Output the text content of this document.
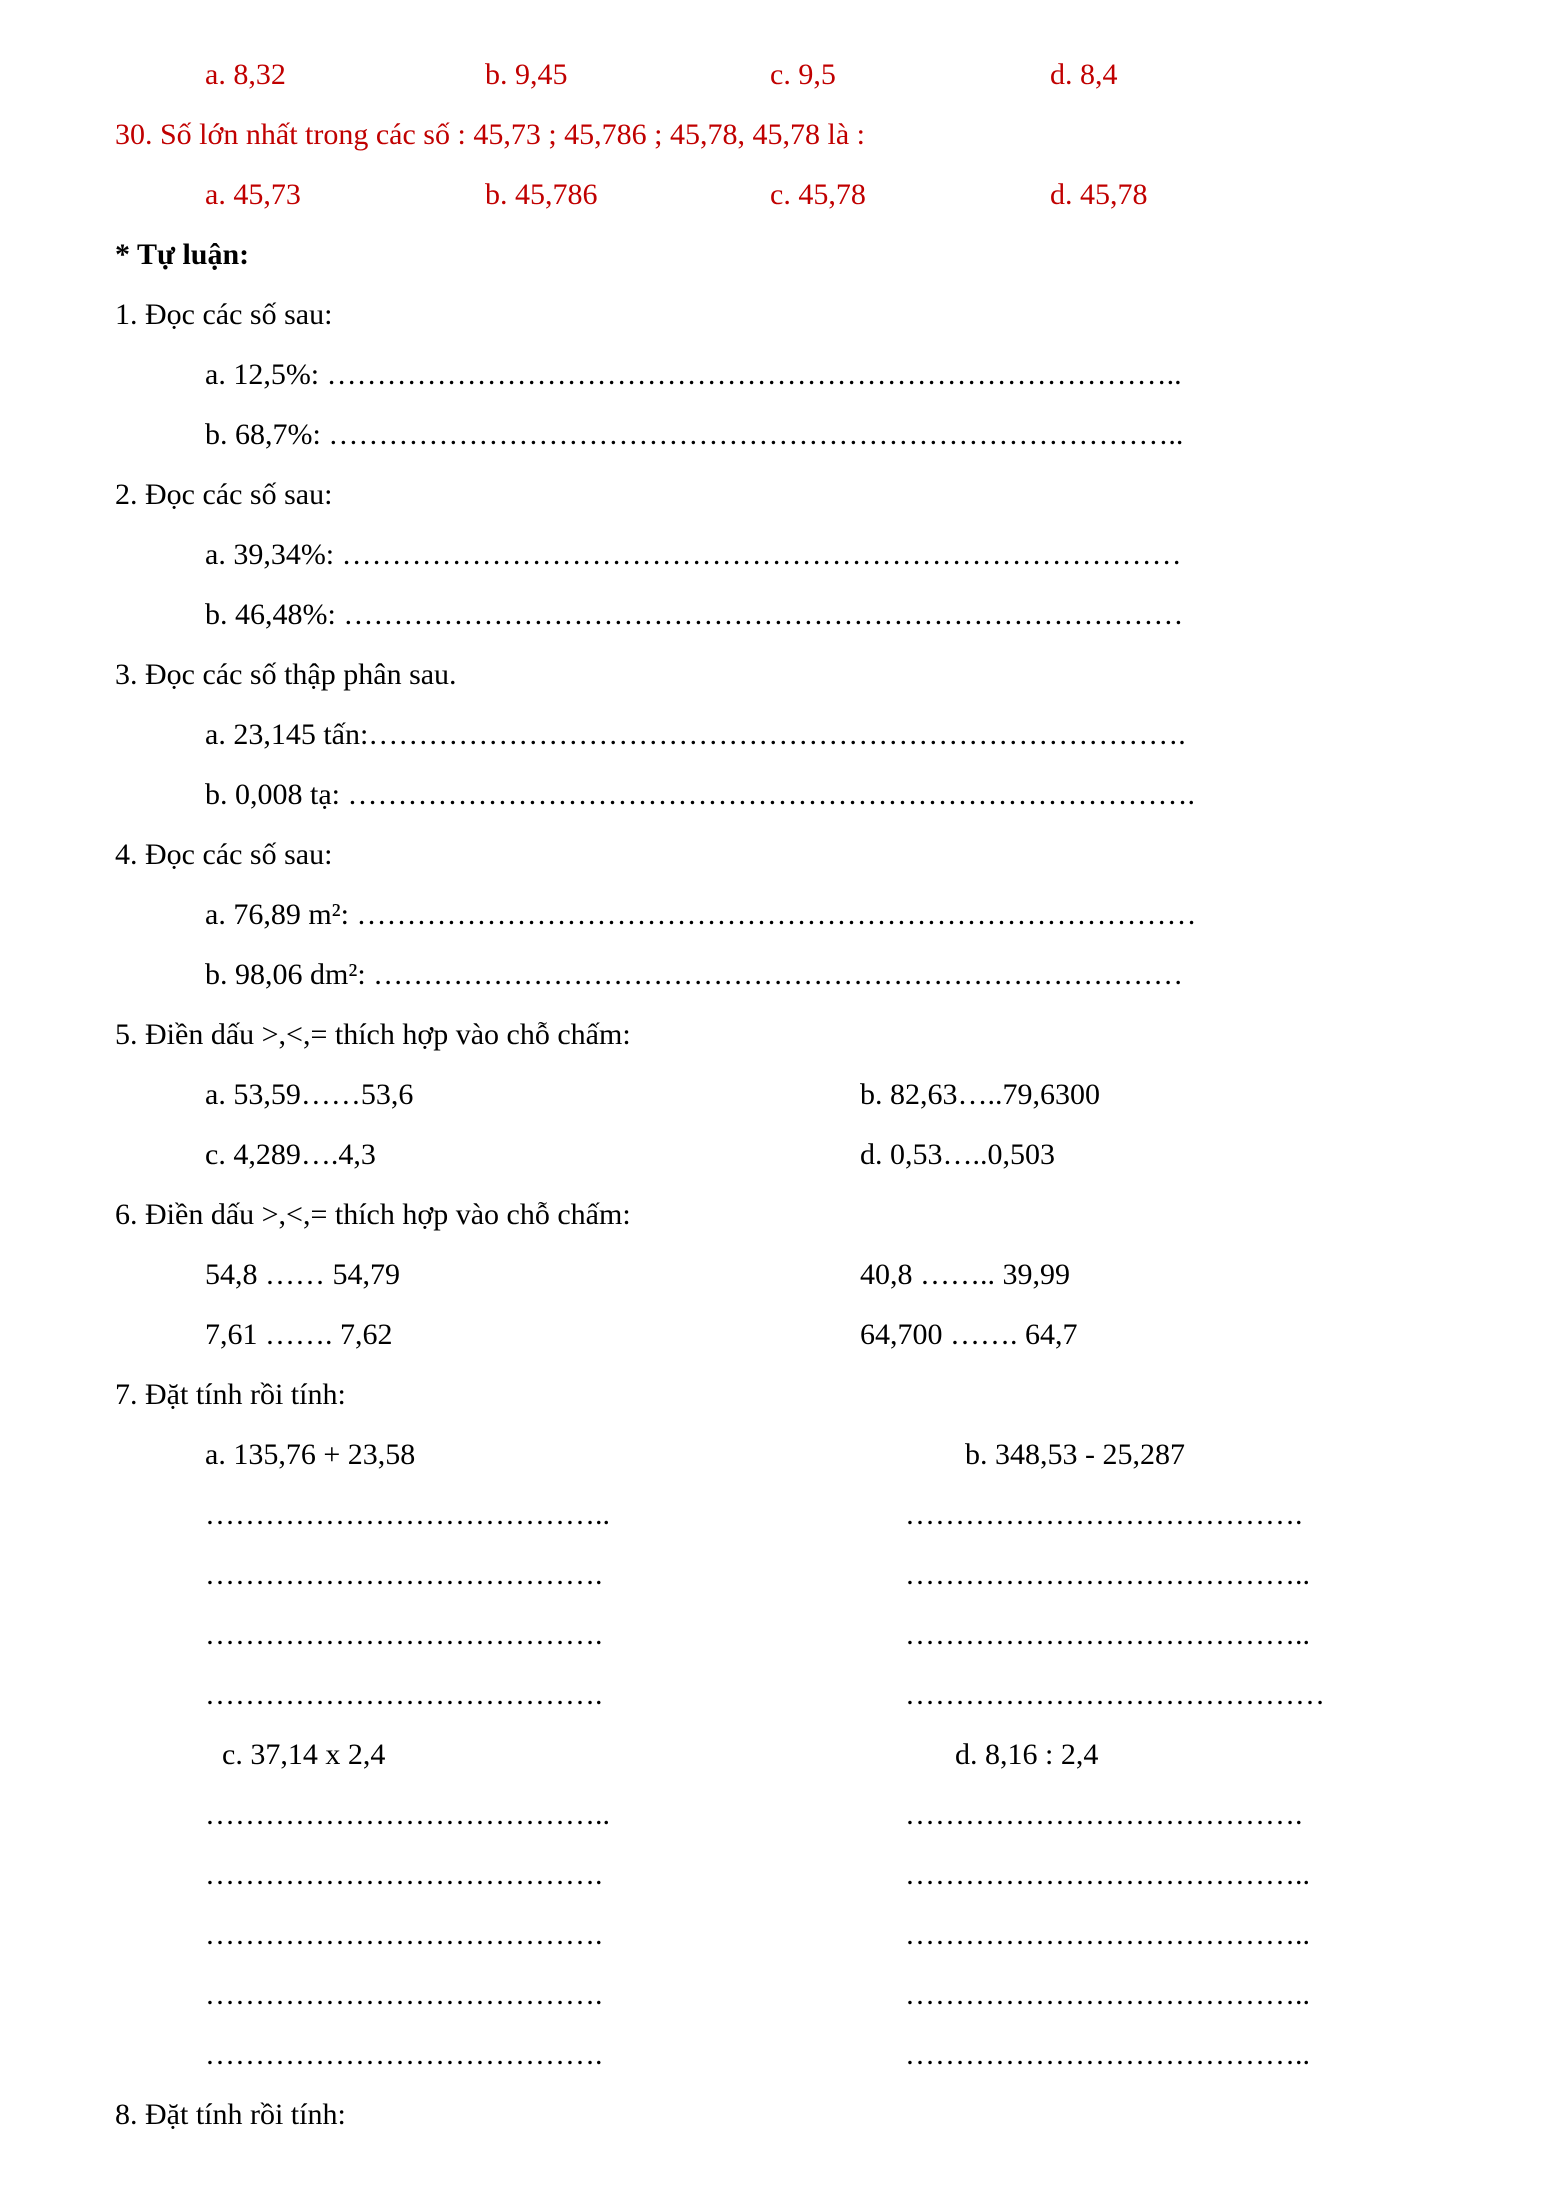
a. 8,32	b. 9,45	c. 9,5	d. 8,4
30. Số lớn nhất trong các số : 45,73 ; 45,786 ; 45,78, 45,78 là :
a. 45,73	b. 45,786	c. 45,78	d. 45,78
* Tự luận:
1. Đọc các số sau:
a. 12,5%: …………………………………………………………………………..
b. 68,7%: …………………………………………………………………………..
2. Đọc các số sau:
a. 39,34%: …………………………………………………………………………
b. 46,48%: …………………………………………………………………………
3. Đọc các số thập phân sau.
a. 23,145 tấn:……………………………………………………………………….
b. 0,008 tạ: ………………………………………………………………………….
4. Đọc các số sau:
a. 76,89 m²: …………………………………………………………………………
b. 98,06 dm²: ………………………………………………………………………
5. Điền dấu >,<,= thích hợp vào chỗ chấm:
a. 53,59……53,6	b. 82,63…..79,6300
c. 4,289….4,3	d. 0,53…..0,503
6. Điền dấu >,<,= thích hợp vào chỗ chấm:
54,8 …… 54,79	40,8 …….. 39,99
7,61 ……. 7,62	64,700 ……. 64,7
7. Đặt tính rồi tính:
a. 135,76 + 23,58	b. 348,53 - 25,287
…………………………………..	………………………………….
………………………………….	…………………………………..
………………………………….	…………………………………..
………………………………….	……………………………………
c. 37,14 x 2,4	d. 8,16 : 2,4
…………………………………..	………………………………….
………………………………….	…………………………………..
………………………………….	…………………………………..
………………………………….	…………………………………..
………………………………….	…………………………………..
8. Đặt tính rồi tính:
